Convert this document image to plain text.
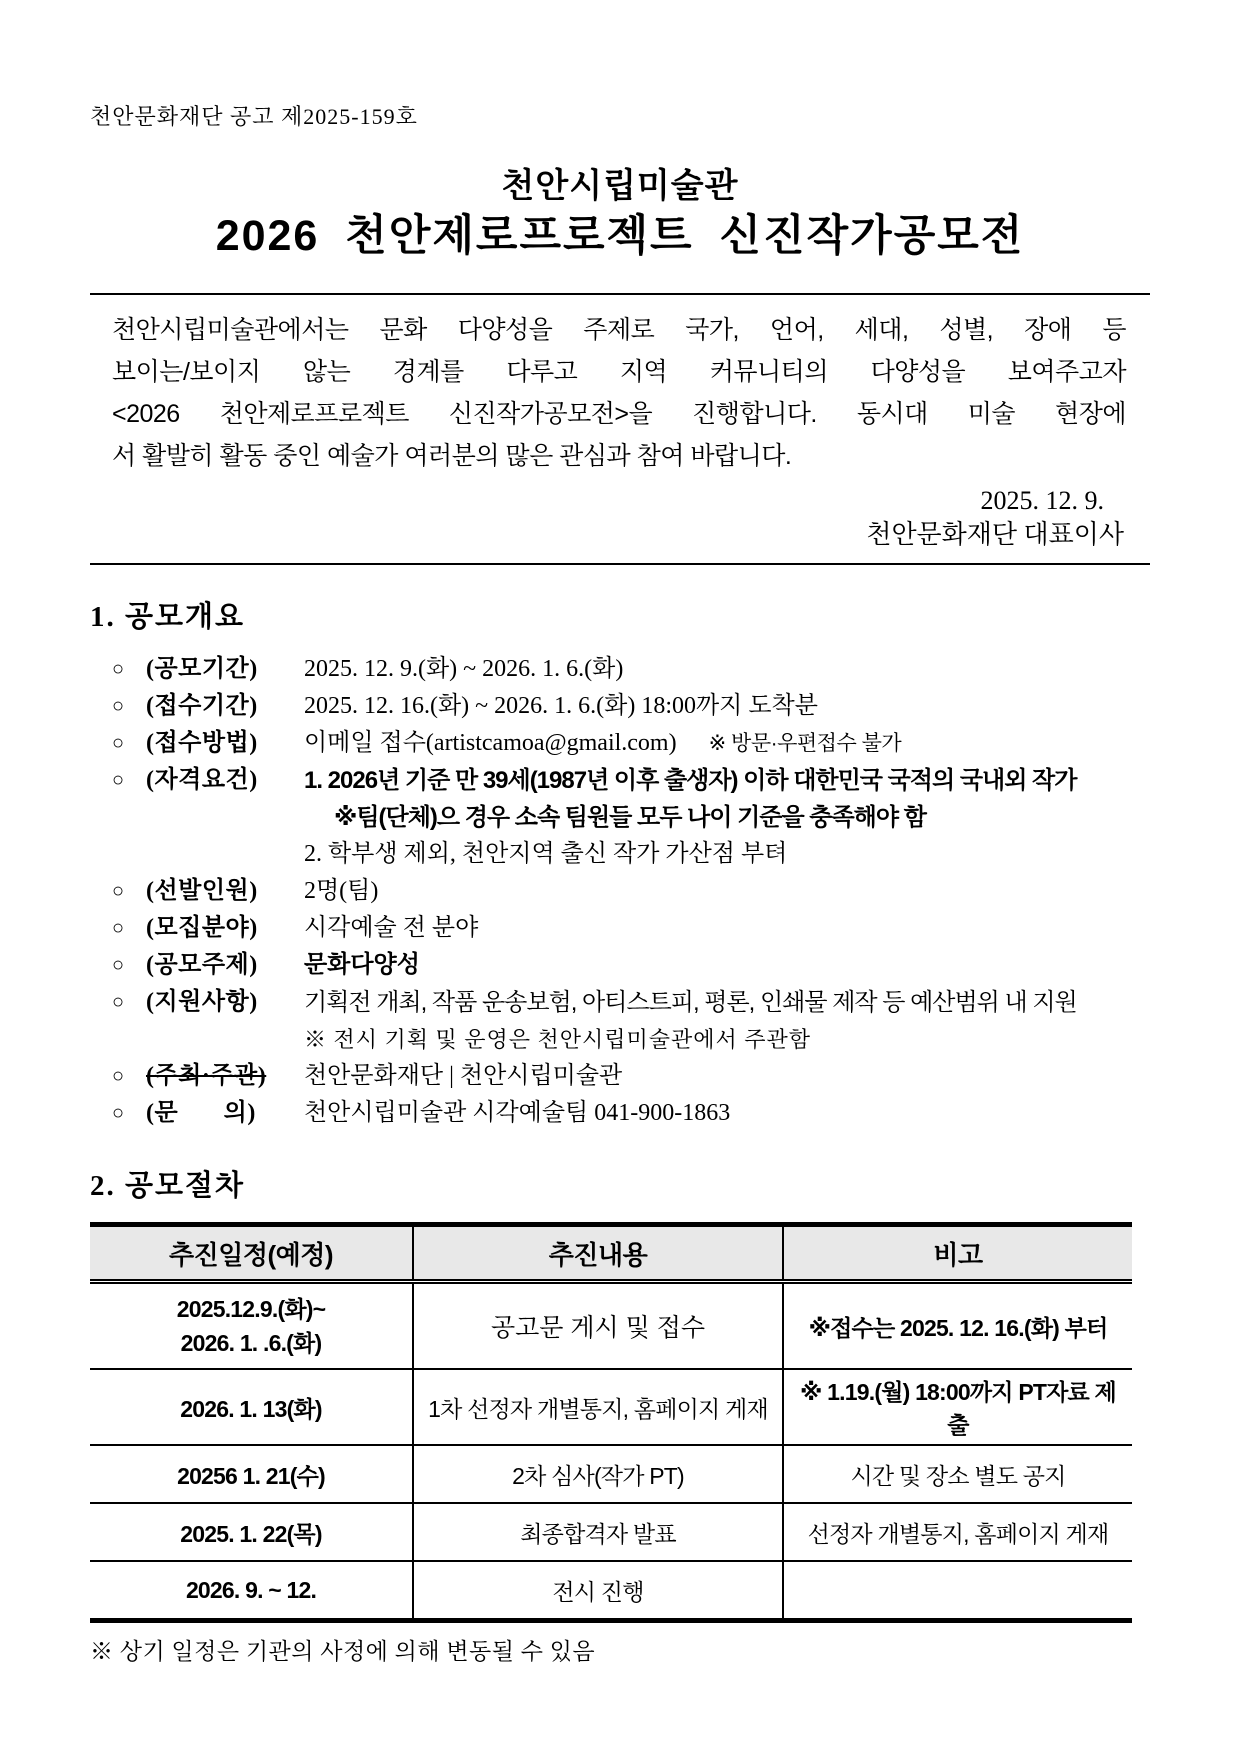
천안문화재단 공고 제2025-159호
천안시립미술관
2026 천안제로프로젝트 신진작가공모전
천안시립미술관에서는 문화 다양성을 주제로 국가, 언어, 세대, 성별, 장애 등
보이는/보이지 않는 경계를 다루고 지역 커뮤니티의 다양성을 보여주고자
<2026 천안제로프로젝트 신진작가공모전>을 진행합니다. 동시대 미술 현장에
서 활발히 활동 중인 예술가 여러분의 많은 관심과 참여 바랍니다.
2025. 12. 9.
천안문화재단 대표이사
1. 공모개요
○ (공모기간)	2025. 12. 9.(화) ~ 2026. 1. 6.(화)
○ (접수기간)	2025. 12. 16.(화) ~ 2026. 1. 6.(화) 18:00까지 도착분
○ (접수방법)	이메일 접수(artistcamoa@gmail.com) ※ 방문·우편접수 불가
○ (자격요건)	1. 2026년 기준 만 39세(1987년 이후 출생자) 이하 대한민국 국적의 국내외 작가
※팀(단체)으 경우 소속 팀원들 모두 나이 기준을 충족해야 함
2. 학부생 제외, 천안지역 출신 작가 가산점 부텨
○ (선발인원)	2명(팀)
○ (모집분야)	시각예술 전 분야
○ (공모주제)	문화다양성
○ (지원사항)	기획전 개최, 작품 운송보험, 아티스트피, 평론, 인쇄물 제작 등 예산범위 내 지원
※ 전시 기획 및 운영은 천안시립미술관에서 주관함
○ (주최·주관)	천안문화재단 | 천안시립미술관
○ (문       의)	천안시립미술관 시각예술팀 041-900-1863
2. 공모절차
추진일정(예정)	추진내용	비고

2025.12.9.(화)~
2026. 1. .6.(화)	공고문 게시 및 접수	※접수는 2025. 12. 16.(화) 부터
2026. 1. 13(화)	1차 선정자 개별통지, 홈페이지 게재	※ 1.19.(월) 18:00까지 PT자료 제출
20256 1. 21(수)	2차 심사(작가 PT)	시간 및 장소 별도 공지
2025. 1. 22(목)	최종합격자 발표	선정자 개별통지, 홈페이지 게재
2026. 9. ~ 12.	전시 진행	
※ 상기 일정은 기관의 사정에 의해 변동될 수 있음
